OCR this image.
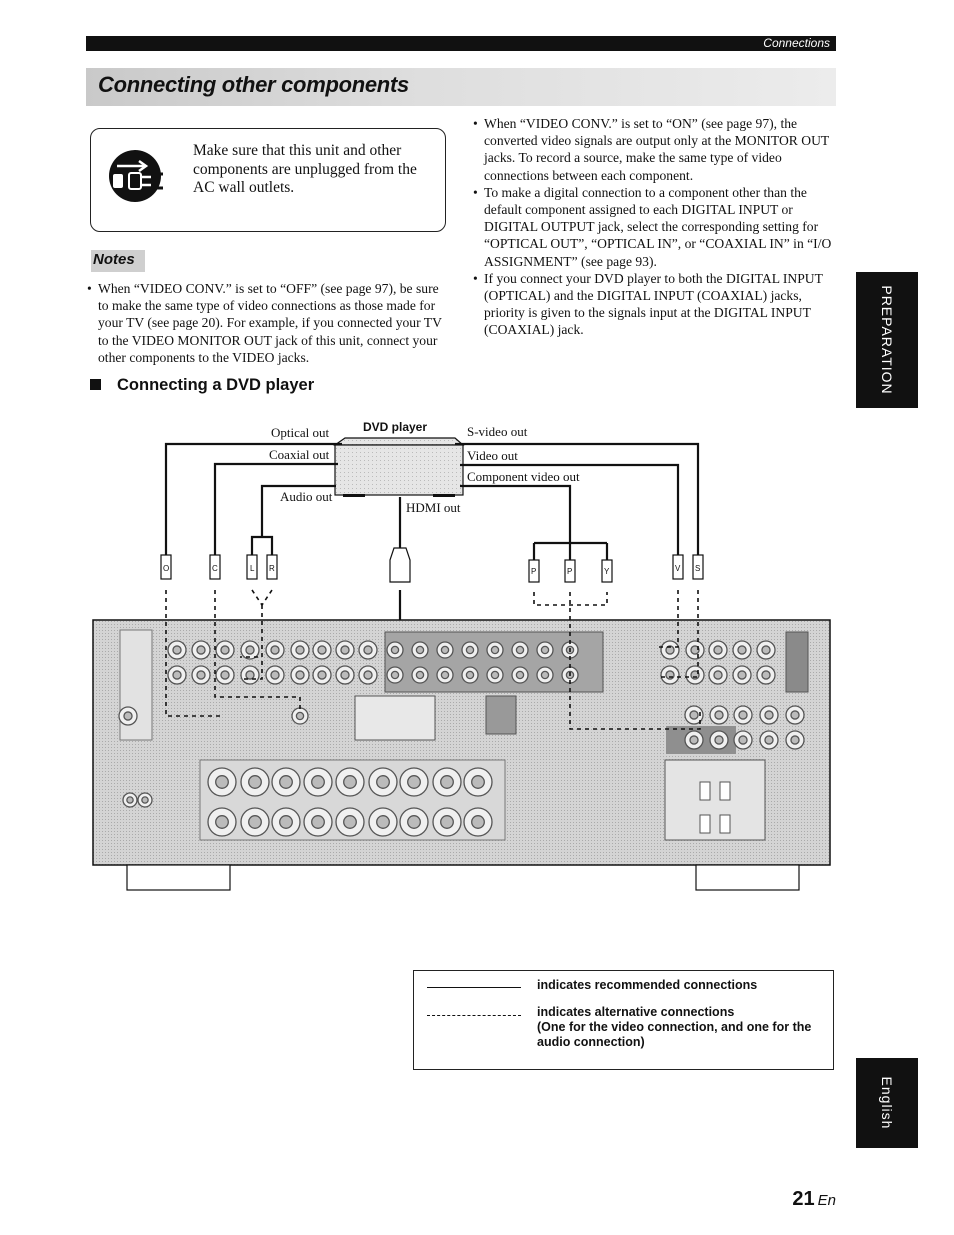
Connections
Connecting other components
Make sure that this unit and other components are unplugged from the AC wall outlets.
Notes
• When “VIDEO CONV.” is set to “OFF” (see page 97), be sure to make the same type of video connections as those made for your TV (see page 20). For example, if you connected your TV to the VIDEO MONITOR OUT jack of this unit, connect your other components to the VIDEO jacks.
• When “VIDEO CONV.” is set to “ON” (see page 97), the converted video signals are output only at the MONITOR OUT jacks. To record a source, make the same type of video connections between each component.
• To make a digital connection to a component other than the default component assigned to each DIGITAL INPUT or DIGITAL OUTPUT jack, select the corresponding setting for “OPTICAL OUT”, “OPTICAL IN”, or “COAXIAL IN” in “I/O ASSIGNMENT” (see page 93).
• If you connect your DVD player to both the DIGITAL INPUT (OPTICAL) and the DIGITAL INPUT (COAXIAL) jacks, priority is given to the signals input at the DIGITAL INPUT (COAXIAL) jack.
Connecting a DVD player	PREPARATION
English
Optical out	DVD player	S-video out
Coaxial out	Video out
Component video out
Audio out
HDMI out
O	C	L R	P	P	Y	V S
indicates recommended connections
indicates alternative connections
(One for the video connection, and one for the audio connection)
21 En
